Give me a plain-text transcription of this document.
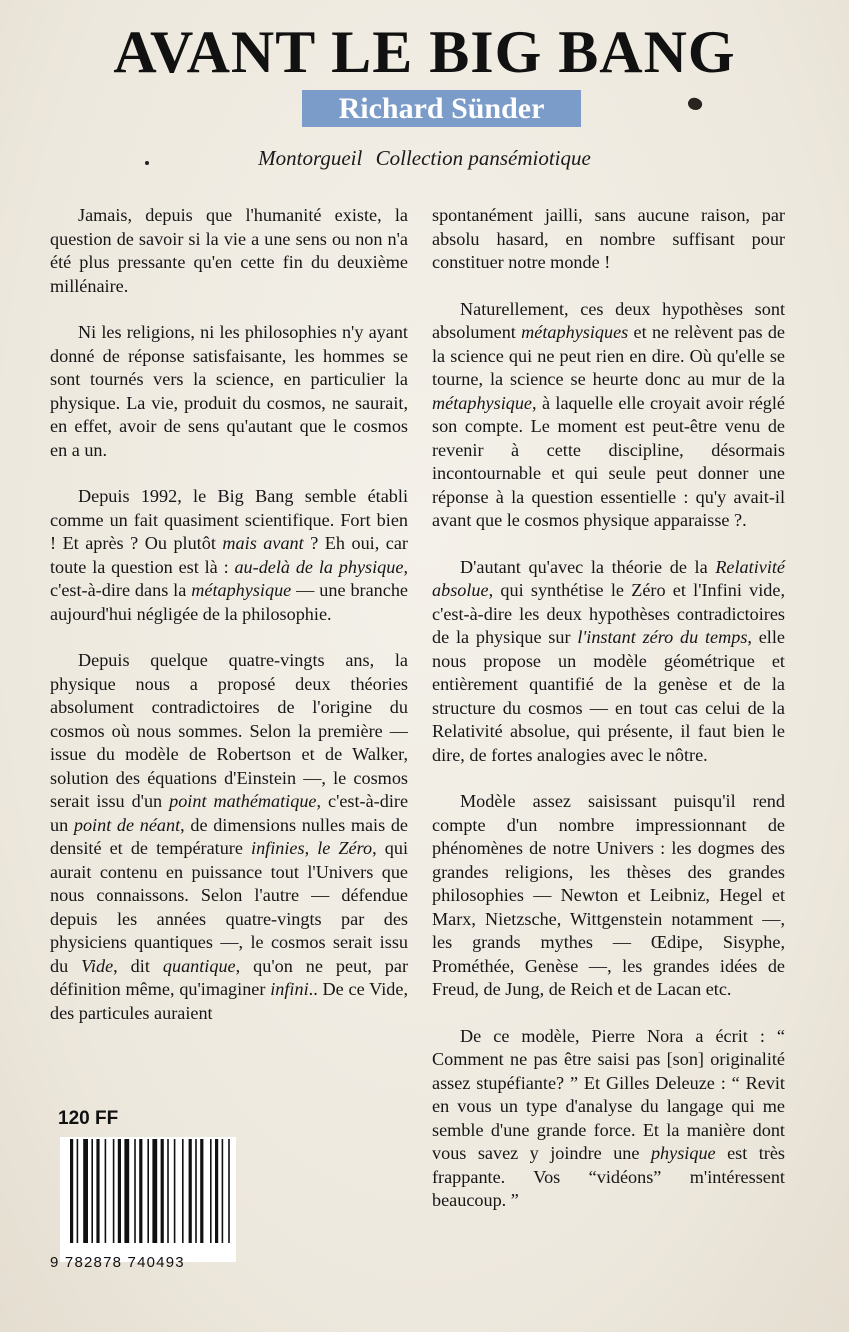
AVANT LE BIG BANG
Richard Sünder
Montorgueil Collection pansémiotique

Jamais, depuis que l'humanité existe, la question de savoir si la vie a une sens ou non n'a été plus pressante qu'en cette fin du deuxième millénaire.

Ni les religions, ni les philosophies n'y ayant donné de réponse satisfaisante, les hommes se sont tournés vers la science, en particulier la physique. La vie, produit du cosmos, ne saurait, en effet, avoir de sens qu'autant que le cosmos en a un.

Depuis 1992, le Big Bang semble établi comme un fait quasiment scientifique. Fort bien ! Et après ? Ou plutôt mais avant ? Eh oui, car toute la question est là : au-delà de la physique, c'est-à-dire dans la métaphysique — une branche aujourd'hui négligée de la philosophie.

Depuis quelque quatre-vingts ans, la physique nous a proposé deux théories absolument contradictoires de l'origine du cosmos où nous sommes. Selon la première — issue du modèle de Robertson et de Walker, solution des équations d'Einstein —, le cosmos serait issu d'un point mathématique, c'est-à-dire un point de néant, de dimensions nulles mais de densité et de température infinies, le Zéro, qui aurait contenu en puissance tout l'Univers que nous connaissons. Selon l'autre — défendue depuis les années quatre-vingts par des physiciens quantiques —, le cosmos serait issu du Vide, dit quantique, qu'on ne peut, par définition même, qu'imaginer infini.. De ce Vide, des particules auraient

spontanément jailli, sans aucune raison, par absolu hasard, en nombre suffisant pour constituer notre monde !

Naturellement, ces deux hypothèses sont absolument métaphysiques et ne relèvent pas de la science qui ne peut rien en dire. Où qu'elle se tourne, la science se heurte donc au mur de la métaphysique, à laquelle elle croyait avoir réglé son compte. Le moment est peut-être venu de revenir à cette discipline, désormais incontournable et qui seule peut donner une réponse à la question essentielle : qu'y avait-il avant que le cosmos physique apparaisse ?.

D'autant qu'avec la théorie de la Relativité absolue, qui synthétise le Zéro et l'Infini vide, c'est-à-dire les deux hypothèses contradictoires de la physique sur l'instant zéro du temps, elle nous propose un modèle géométrique et entièrement quantifié de la genèse et de la structure du cosmos — en tout cas celui de la Relativité absolue, qui présente, il faut bien le dire, de fortes analogies avec le nôtre.

Modèle assez saisissant puisqu'il rend compte d'un nombre impressionnant de phénomènes de notre Univers : les dogmes des grandes religions, les thèses des grandes philosophies — Newton et Leibniz, Hegel et Marx, Nietzsche, Wittgenstein notamment —, les grands mythes — Œdipe, Sisyphe, Prométhée, Genèse —, les grandes idées de Freud, de Jung, de Reich et de Lacan etc.

De ce modèle, Pierre Nora a écrit : “ Comment ne pas être saisi pas [son] originalité assez stupéfiante? ” Et Gilles Deleuze : “ Revit en vous un type d'analyse du langage qui me semble d'une grande force. Et la manière dont vous savez y joindre une physique est très frappante. Vos “vidéons” m'intéressent beaucoup. ”

120 FF
9 782878 740493
